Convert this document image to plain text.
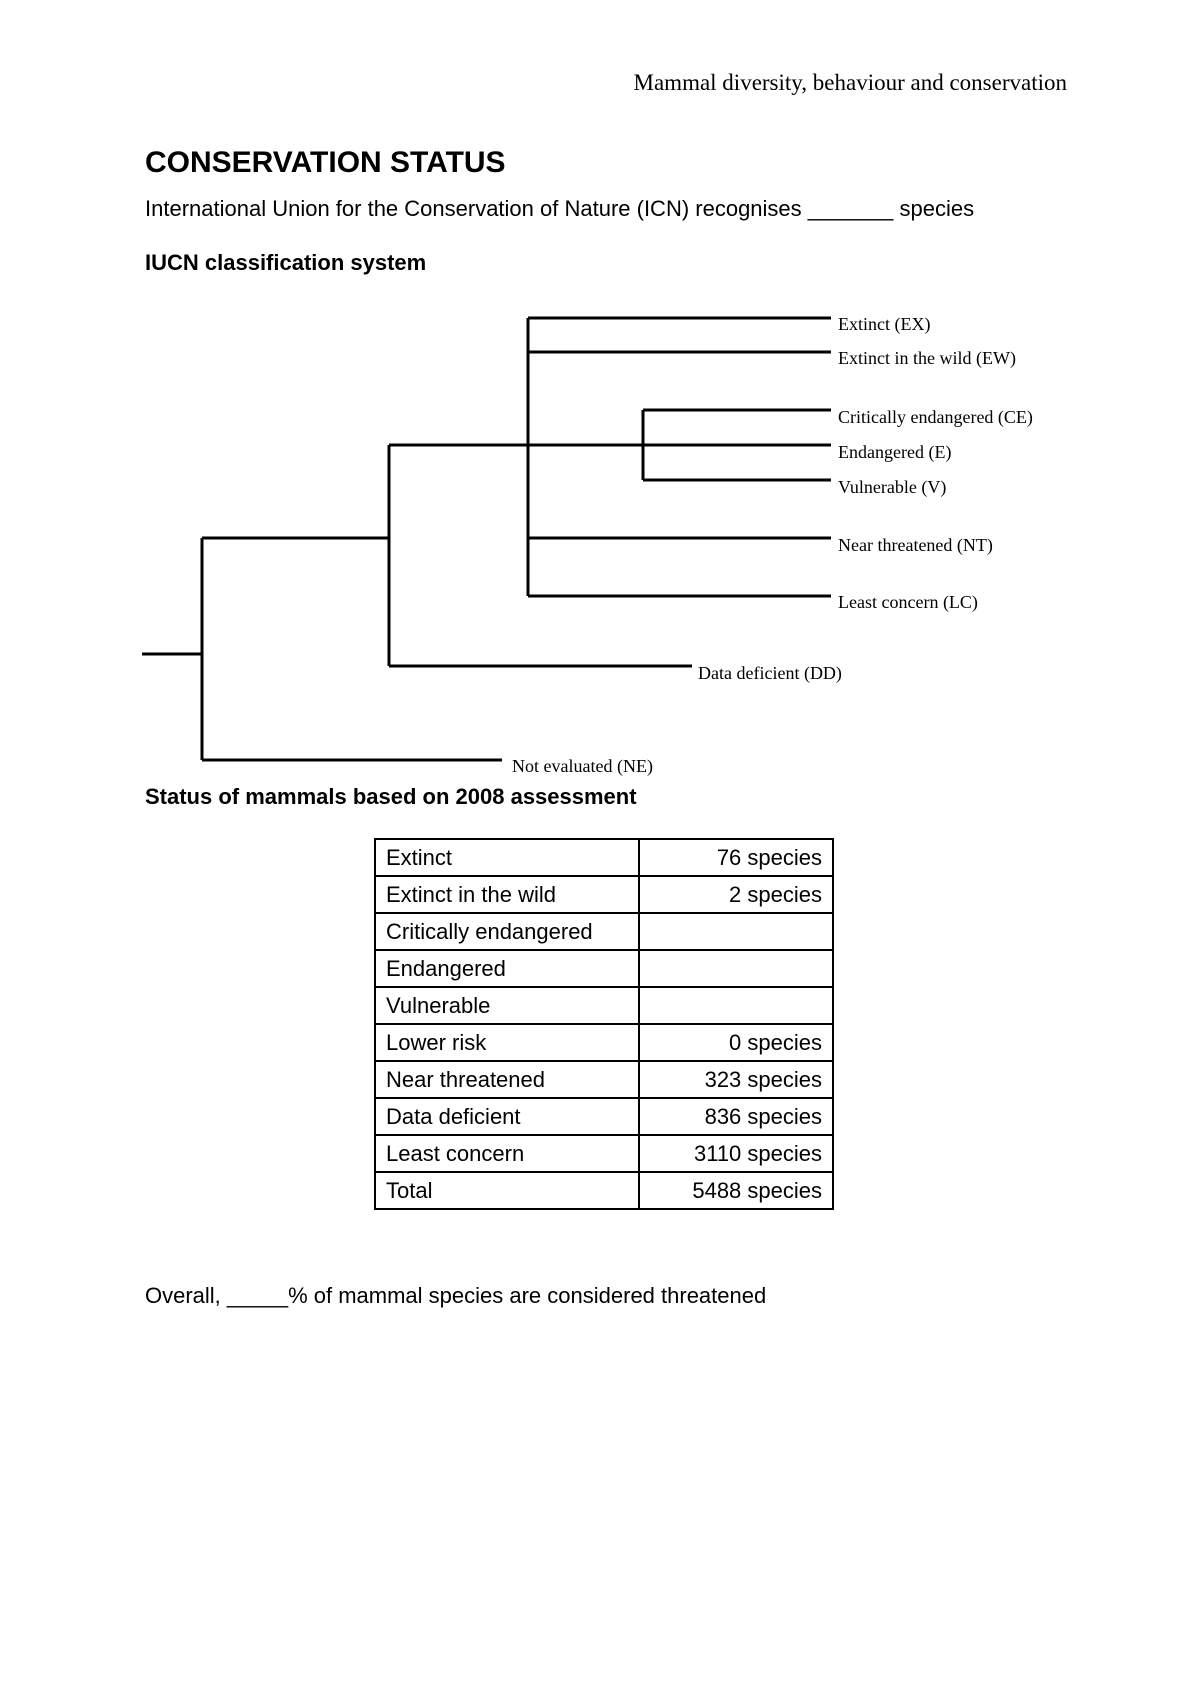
Mammal diversity, behaviour and conservation
CONSERVATION STATUS
International Union for the Conservation of Nature (ICN) recognises _______ species
IUCN classification system
Extinct (EX)
Extinct in the wild (EW)
Critically endangered (CE)
Endangered (E)
Vulnerable (V)
Near threatened (NT)
Least concern (LC)
Data deficient (DD)
Not evaluated (NE)
Status of mammals based on 2008 assessment
Extinct	76 species
Extinct in the wild	2 species
Critically endangered	
Endangered	
Vulnerable	
Lower risk	0 species
Near threatened	323 species
Data deficient	836 species
Least concern	3110 species
Total	5488 species
Overall, _____% of mammal species are considered threatened
